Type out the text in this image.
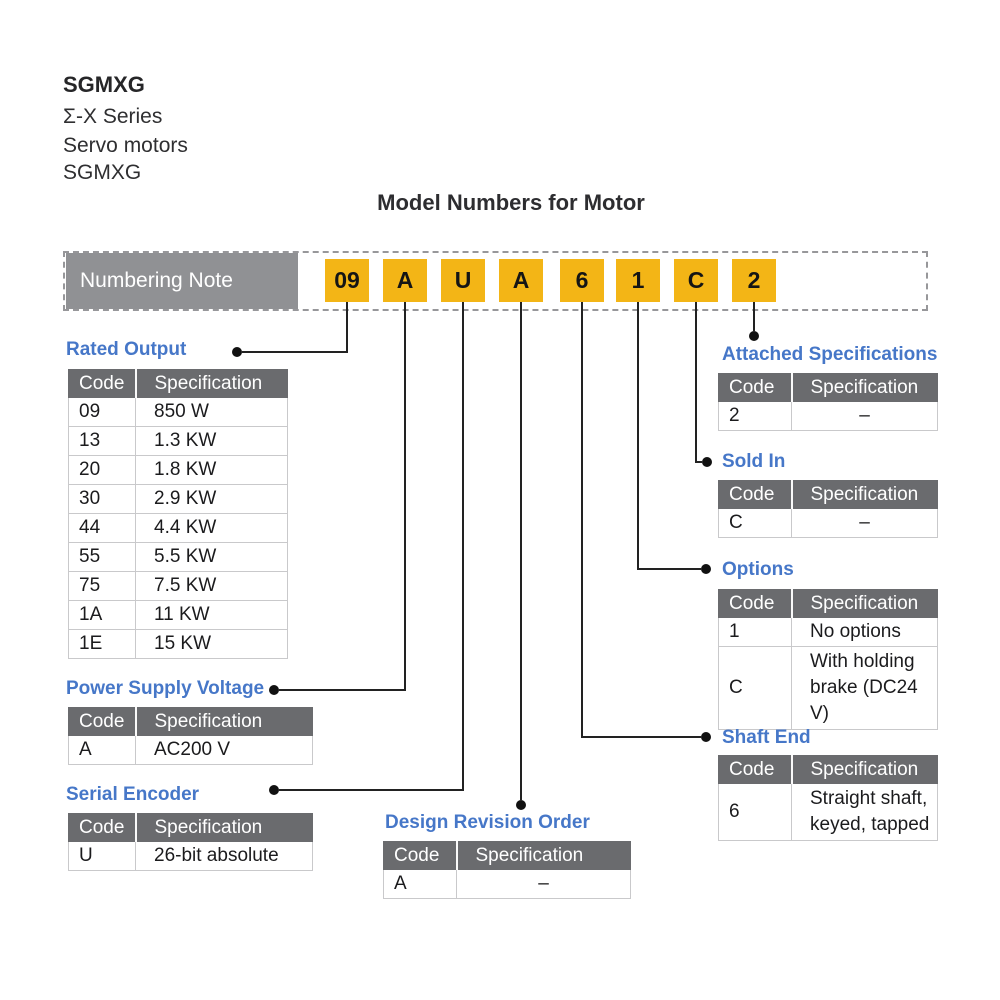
SGMXG
Σ-X Series
Servo motors
SGMXG
Model Numbers for Motor
Numbering Note	09	A	U	A	6	1	C	2
Rated Output
Code	Specification
09	850 W
13	1.3 KW
20	1.8 KW
30	2.9 KW
44	4.4 KW
55	5.5 KW
75	7.5 KW
1A	11 KW
1E	15 KW
Power Supply Voltage
Code	Specification
A	AC200 V
Serial Encoder
Code	Specification
U	26-bit absolute
Design Revision Order
Code	Specification
A	–
Attached Specifications
Code	Specification
2	–
Sold In
Code	Specification
C	–
Options
Code	Specification
1	No options
C	With holding brake (DC24 V)
Shaft End
Code	Specification
6	Straight shaft, keyed, tapped
